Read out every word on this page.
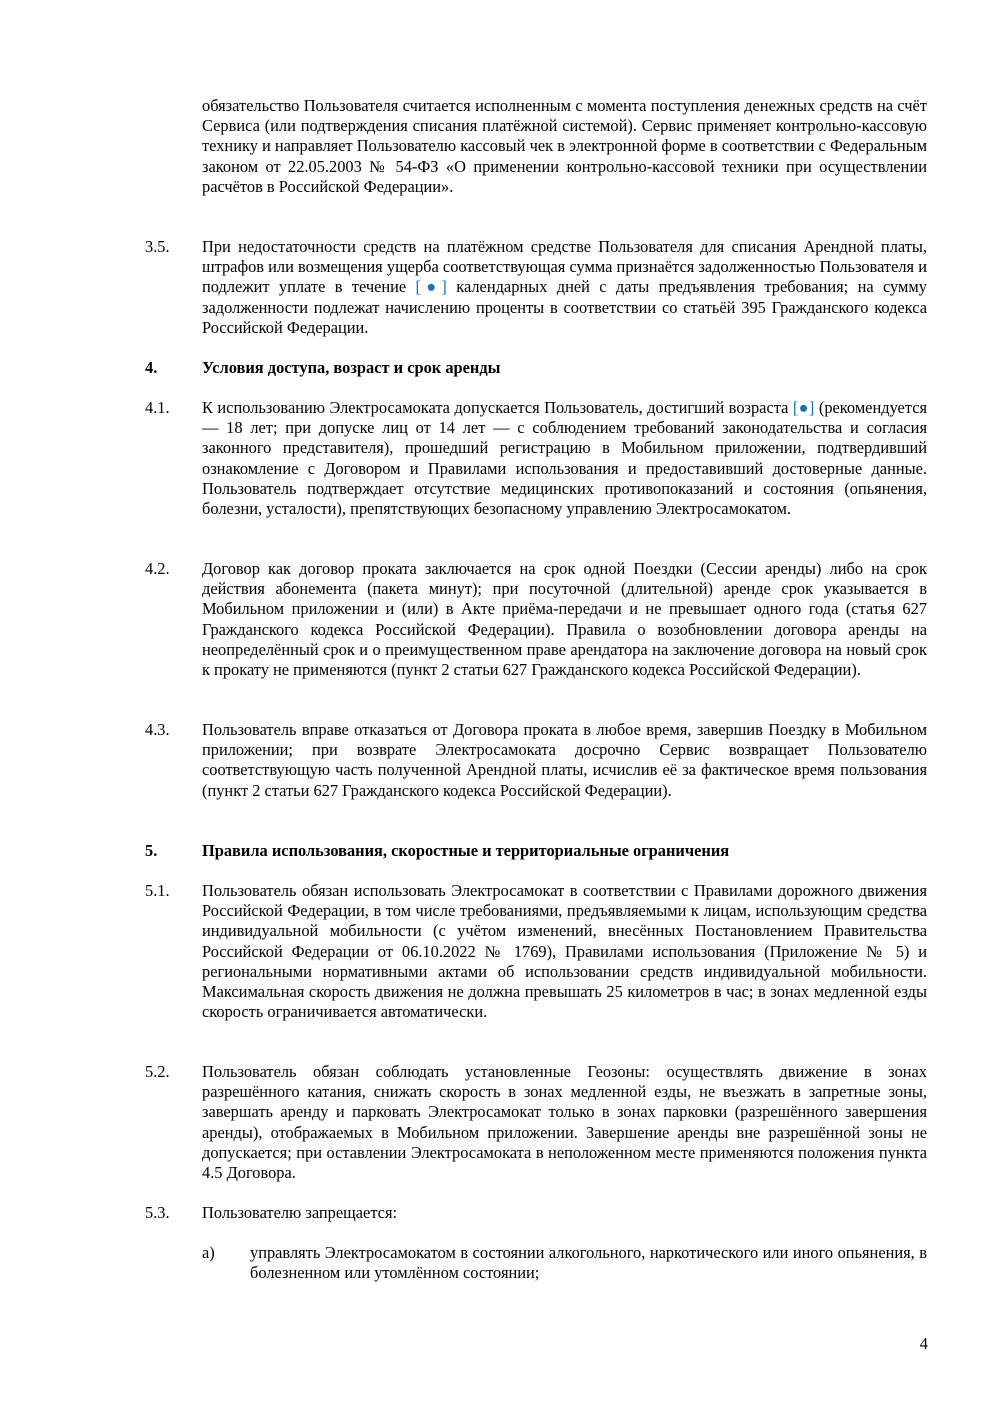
обязательство Пользователя считается исполненным с момента поступления денежных средств на счёт Сервиса (или подтверждения списания платёжной системой). Сервис применяет контрольно-кассовую технику и направляет Пользователю кассовый чек в электронной форме в соответствии с Федеральным законом от 22.05.2003 № 54-ФЗ «О применении контрольно-кассовой техники при осуществлении расчётов в Российской Федерации».
3.5.	При недостаточности средств на платёжном средстве Пользователя для списания Арендной платы, штрафов или возмещения ущерба соответствующая сумма признаётся задолженностью Пользователя и подлежит уплате в течение [●] календарных дней с даты предъявления требования; на сумму задолженности подлежат начислению проценты в соответствии со статьёй 395 Гражданского кодекса Российской Федерации.
4.	Условия доступа, возраст и срок аренды
4.1.	К использованию Электросамоката допускается Пользователь, достигший возраста [●] (рекомендуется — 18 лет; при допуске лиц от 14 лет — с соблюдением требований законодательства и согласия законного представителя), прошедший регистрацию в Мобильном приложении, подтвердивший ознакомление с Договором и Правилами использования и предоставивший достоверные данные. Пользователь подтверждает отсутствие медицинских противопоказаний и состояния (опьянения, болезни, усталости), препятствующих безопасному управлению Электросамокатом.
4.2.	Договор как договор проката заключается на срок одной Поездки (Сессии аренды) либо на срок действия абонемента (пакета минут); при посуточной (длительной) аренде срок указывается в Мобильном приложении и (или) в Акте приёма-передачи и не превышает одного года (статья 627 Гражданского кодекса Российской Федерации). Правила о возобновлении договора аренды на неопределённый срок и о преимущественном праве арендатора на заключение договора на новый срок к прокату не применяются (пункт 2 статьи 627 Гражданского кодекса Российской Федерации).
4.3.	Пользователь вправе отказаться от Договора проката в любое время, завершив Поездку в Мобильном приложении; при возврате Электросамоката досрочно Сервис возвращает Пользователю соответствующую часть полученной Арендной платы, исчислив её за фактическое время пользования (пункт 2 статьи 627 Гражданского кодекса Российской Федерации).
5.	Правила использования, скоростные и территориальные ограничения
5.1.	Пользователь обязан использовать Электросамокат в соответствии с Правилами дорожного движения Российской Федерации, в том числе требованиями, предъявляемыми к лицам, использующим средства индивидуальной мобильности (с учётом изменений, внесённых Постановлением Правительства Российской Федерации от 06.10.2022 № 1769), Правилами использования (Приложение № 5) и региональными нормативными актами об использовании средств индивидуальной мобильности. Максимальная скорость движения не должна превышать 25 километров в час; в зонах медленной езды скорость ограничивается автоматически.
5.2.	Пользователь обязан соблюдать установленные Геозоны: осуществлять движение в зонах разрешённого катания, снижать скорость в зонах медленной езды, не въезжать в запретные зоны, завершать аренду и парковать Электросамокат только в зонах парковки (разрешённого завершения аренды), отображаемых в Мобильном приложении. Завершение аренды вне разрешённой зоны не допускается; при оставлении Электросамоката в неположенном месте применяются положения пункта 4.5 Договора.
5.3.	Пользователю запрещается:
a)	управлять Электросамокатом в состоянии алкогольного, наркотического или иного опьянения, в болезненном или утомлённом состоянии;
4
